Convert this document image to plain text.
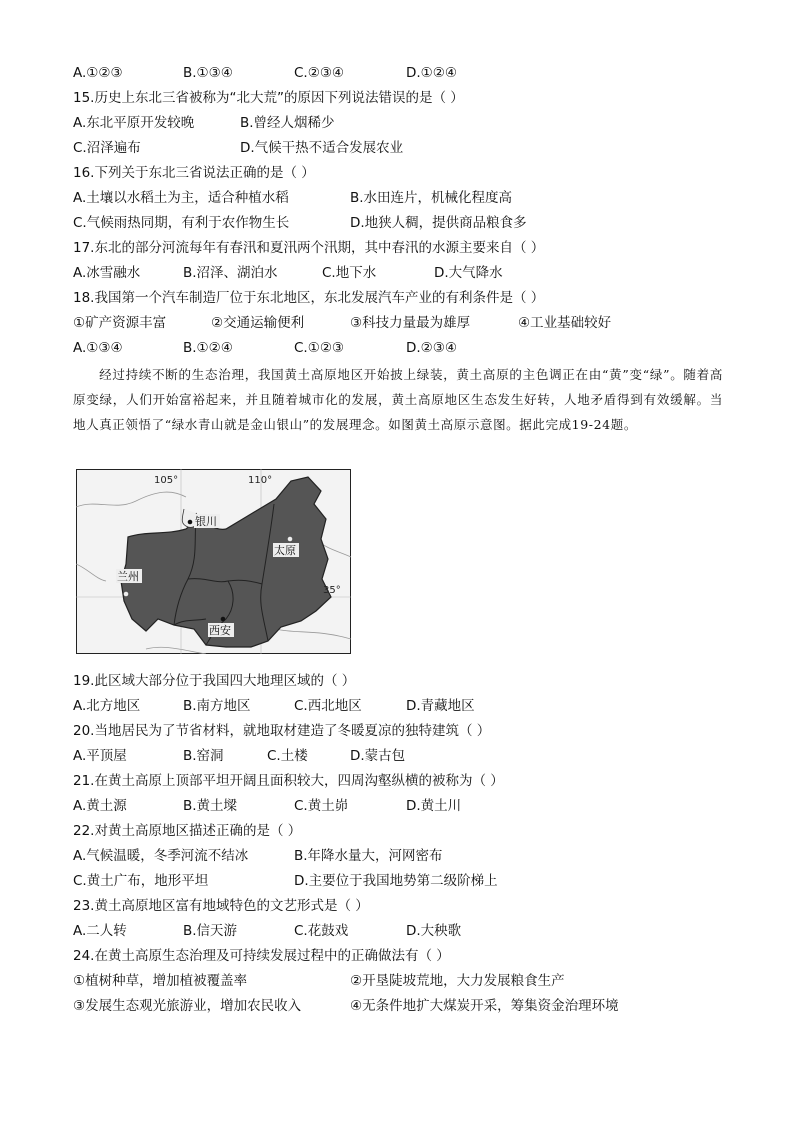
A.①②③	B.①③④	C.②③④	D.①②④
15.历史上东北三省被称为“北大荒”的原因下列说法错误的是（ ）
A.东北平原开发较晚	B.曾经人烟稀少
C.沼泽遍布	D.气候干热不适合发展农业
16.下列关于东北三省说法正确的是（ ）
A.土壤以水稻土为主，适合种植水稻	B.水田连片，机械化程度高
C.气候雨热同期，有利于农作物生长	D.地狭人稠，提供商品粮食多
17.东北的部分河流每年有春汛和夏汛两个汛期，其中春汛的水源主要来自（ ）
A.冰雪融水	B.沼泽、湖泊水	C.地下水	D.大气降水
18.我国第一个汽车制造厂位于东北地区，东北发展汽车产业的有利条件是（ ）
①矿产资源丰富	②交通运输便利	③科技力量最为雄厚	④工业基础较好
A.①③④	B.①②④	C.①②③	D.②③④
经过持续不断的生态治理，我国黄土高原地区开始披上绿装，黄土高原的主色调正在由“黄”变“绿”。随着高原变绿，人们开始富裕起来，并且随着城市化的发展，黄土高原地区生态发生好转，人地矛盾得到有效缓解。当地人真正领悟了“绿水青山就是金山银山”的发展理念。如图黄土高原示意图。据此完成19-24题。
105°	110°
35°
银川
太原
兰州
西安
19.此区域大部分位于我国四大地理区域的（ ）
A.北方地区	B.南方地区	C.西北地区	D.青藏地区
20.当地居民为了节省材料，就地取材建造了冬暖夏凉的独特建筑（ ）
A.平顶屋	B.窑洞	C.土楼	D.蒙古包
21.在黄土高原上顶部平坦开阔且面积较大，四周沟壑纵横的被称为（ ）
A.黄土源	B.黄土墚	C.黄土峁	D.黄土川
22.对黄土高原地区描述正确的是（ ）
A.气候温暖，冬季河流不结冰	B.年降水量大，河网密布
C.黄土广布，地形平坦	D.主要位于我国地势第二级阶梯上
23.黄土高原地区富有地域特色的文艺形式是（ ）
A.二人转	B.信天游	C.花鼓戏	D.大秧歌
24.在黄土高原生态治理及可持续发展过程中的正确做法有（ ）
①植树种草，增加植被覆盖率	②开垦陡坡荒地，大力发展粮食生产
③发展生态观光旅游业，增加农民收入	④无条件地扩大煤炭开采，筹集资金治理环境
